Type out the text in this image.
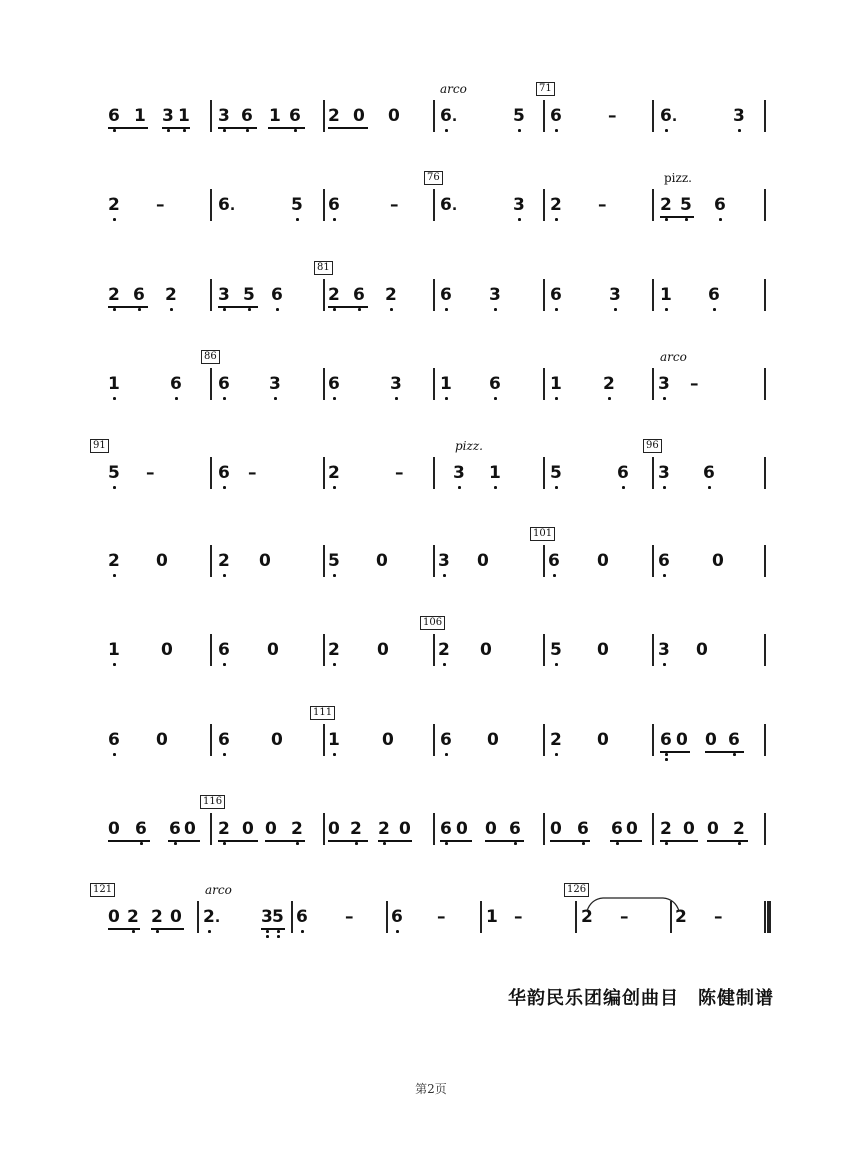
6 1 3 1 3 6 1 6 2 0 0 6.	5 6	–	6.	3
71
arco
2 –	6.	5 6	– 6.	3 2 –	2 5 6
76	pizz.
2 6 2 3 5 6	2 6 2	6 3	6	3 1 6
81
1	6 6 3	6	3 1 6	1 2	3 –
86	arco
5 –	6 –	2	–	3 1	5	6 3 6
91	96
pizz.
2 0	2 0	5 0	3 0	6 0	6 0
101
1 0	6 0	2 0	2 0	5 0	3 0
106
6 0	6 0	1 0	6 0	2 0	6 0 0 6
111
0 6 6 0 2 0 0 2 0 2 2 0 6 0 0 6 0 6 6 0 2 0 0 2
116
0 2 2 0 2. 3 5 6 – 6 – 1 –	2 –	2 –
121	126
arco
华韵民乐团编创曲目　陈健制谱
第2页
